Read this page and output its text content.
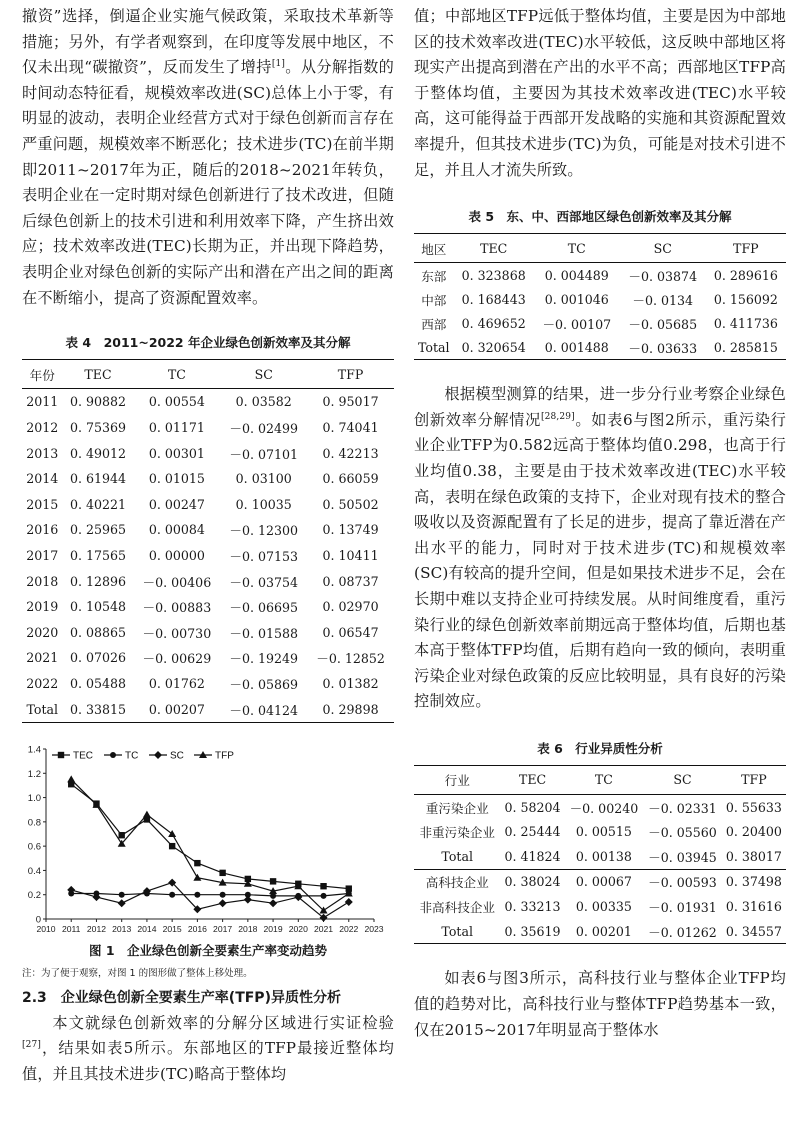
撤资”选择，倒逼企业实施气候政策，采取技术革新等措施；另外，有学者观察到，在印度等发展中地区，不仅未出现“碳撤资”，反而发生了增持[1]。从分解指数的时间动态特征看，规模效率改进(SC)总体上小于零，有明显的波动，表明企业经营方式对于绿色创新而言存在严重问题，规模效率不断恶化；技术进步(TC)在前半期即2011~2017年为正，随后的2018~2021年转负，表明企业在一定时期对绿色创新进行了技术改进，但随后绿色创新上的技术引进和利用效率下降，产生挤出效应；技术效率改进(TEC)长期为正，并出现下降趋势，表明企业对绿色创新的实际产出和潜在产出之间的距离在不断缩小，提高了资源配置效率。

表 4　2011~2022 年企业绿色创新效率及其分解

年份	TEC	TC	SC	TFP
2011	0. 90882	0. 00554	0. 03582	0. 95017
2012	0. 75369	0. 01171	－0. 02499	0. 74041
2013	0. 49012	0. 00301	－0. 07101	0. 42213
2014	0. 61944	0. 01015	0. 03100	0. 66059
2015	0. 40221	0. 00247	0. 10035	0. 50502
2016	0. 25965	0. 00084	－0. 12300	0. 13749
2017	0. 17565	0. 00000	－0. 07153	0. 10411
2018	0. 12896	－0. 00406	－0. 03754	0. 08737
2019	0. 10548	－0. 00883	－0. 06695	0. 02970
2020	0. 08865	－0. 00730	－0. 01588	0. 06547
2021	0. 07026	－0. 00629	－0. 19249	－0. 12852
2022	0. 05488	0. 01762	－0. 05869	0. 01382
Total	0. 33815	0. 00207	－0. 04124	0. 29898
0
0.2
0.4
0.6
0.8
1.0
1.2
1.4
2010 2011 2012 2013 2014 2015 2016 2017 2018 2019 2020 2021 2022 2023
TEC	TC	SC	TFP

图 1　企业绿色创新全要素生产率变动趋势

注：为了便于观察，对图 1 的图形做了整体上移处理。

2.3　企业绿色创新全要素生产率(TFP)异质性分析

本文就绿色创新效率的分解分区域进行实证检验[27]，结果如表5所示。东部地区的TFP最接近整体均值，并且其技术进步(TC)略高于整体均

值；中部地区TFP远低于整体均值，主要是因为中部地区的技术效率改进(TEC)水平较低，这反映中部地区将现实产出提高到潜在产出的水平不高；西部地区TFP高于整体均值，主要因为其技术效率改进(TEC)水平较高，这可能得益于西部开发战略的实施和其资源配置效率提升，但其技术进步(TC)为负，可能是对技术引进不足，并且人才流失所致。

表 5　东、中、西部地区绿色创新效率及其分解

地区	TEC	TC	SC	TFP
东部	0. 323868	0. 004489	－0. 03874	0. 289616
中部	0. 168443	0. 001046	－0. 0134	0. 156092
西部	0. 469652	－0. 00107	－0. 05685	0. 411736
Total	0. 320654	0. 001488	－0. 03633	0. 285815

根据模型测算的结果，进一步分行业考察企业绿色创新效率分解情况[28,29]。如表6与图2所示，重污染行业企业TFP为0.582远高于整体均值0.298，也高于行业均值0.38，主要是由于技术效率改进(TEC)水平较高，表明在绿色政策的支持下，企业对现有技术的整合吸收以及资源配置有了长足的进步，提高了靠近潜在产出水平的能力，同时对于技术进步(TC)和规模效率(SC)有较高的提升空间，但是如果技术进步不足，会在长期中难以支持企业可持续发展。从时间维度看，重污染行业的绿色创新效率前期远高于整体均值，后期也基本高于整体TFP均值，后期有趋向一致的倾向，表明重污染企业对绿色政策的反应比较明显，具有良好的污染控制效应。

表 6　行业异质性分析

行业	TEC	TC	SC	TFP
重污染企业	0. 58204	－0. 00240	－0. 02331	0. 55633
非重污染企业	0. 25444	0. 00515	－0. 05560	0. 20400
Total	0. 41824	0. 00138	－0. 03945	0. 38017
高科技企业	0. 38024	0. 00067	－0. 00593	0. 37498
非高科技企业	0. 33213	0. 00335	－0. 01931	0. 31616
Total	0. 35619	0. 00201	－0. 01262	0. 34557

如表6与图3所示，高科技行业与整体企业TFP均值的趋势对比，高科技行业与整体TFP趋势基本一致，仅在2015~2017年明显高于整体水
